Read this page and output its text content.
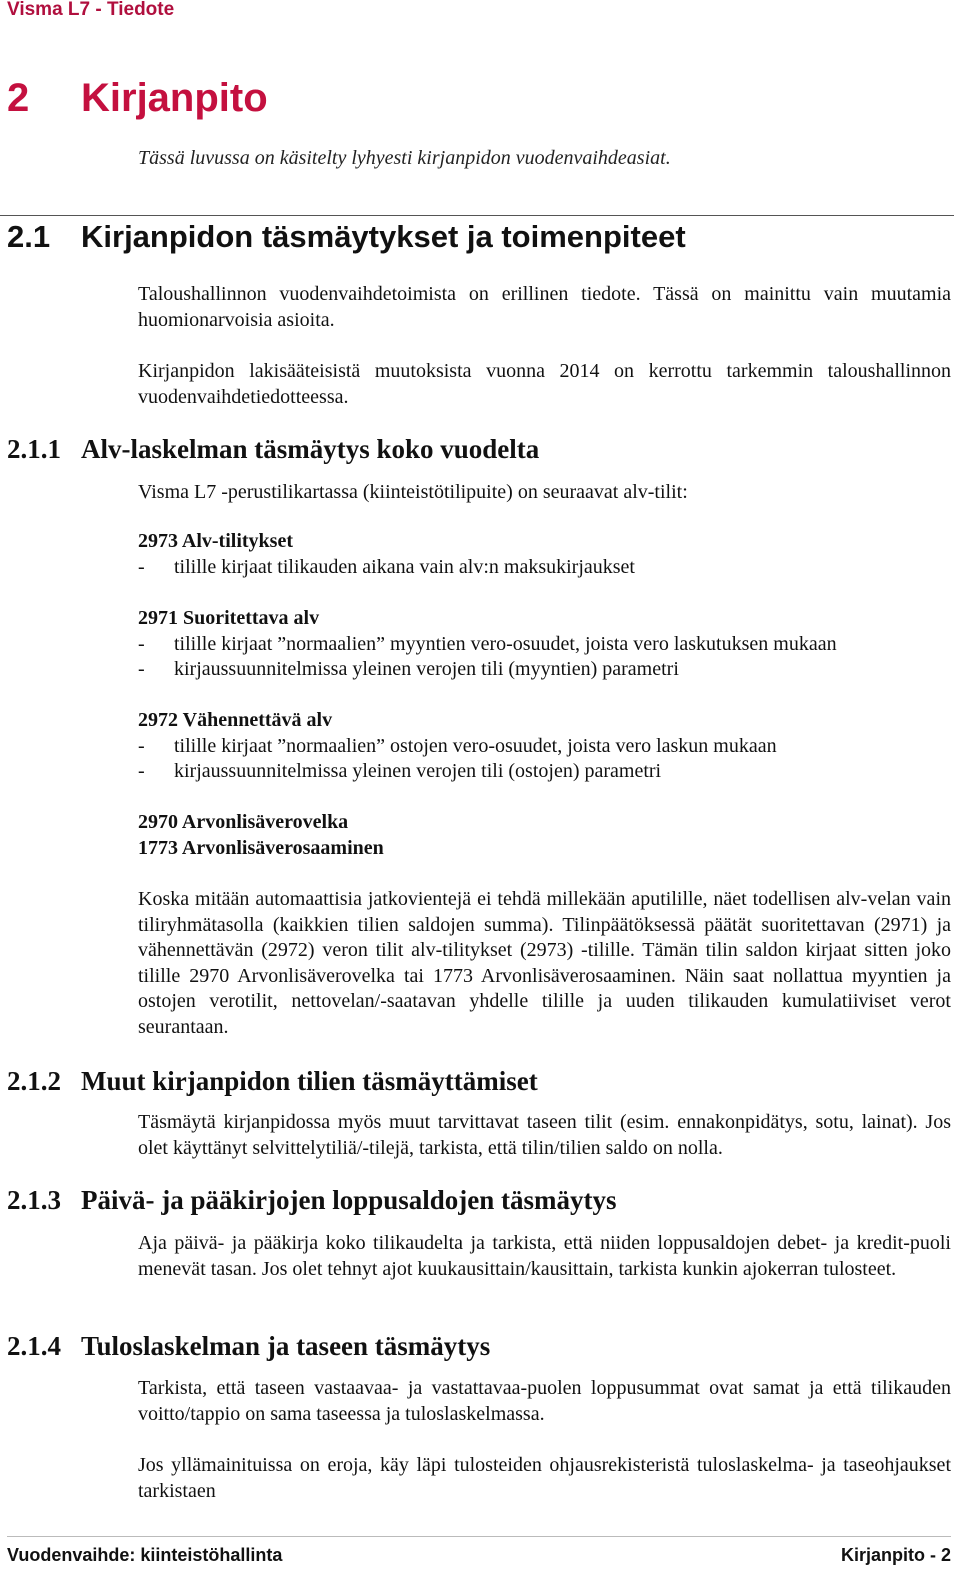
Visma L7 - Tiedote
2 Kirjanpito
Tässä luvussa on käsitelty lyhyesti kirjanpidon vuodenvaihdeasiat.
2.1 Kirjanpidon täsmäytykset ja toimenpiteet

Taloushallinnon vuodenvaihdetoimista on erillinen tiedote. Tässä on mainittu vain muutamia huomionarvoisia asioita.

Kirjanpidon lakisääteisistä muutoksista vuonna 2014 on kerrottu tarkemmin taloushallinnon vuodenvaihdetiedotteessa.

2.1.1 Alv-laskelman täsmäytys koko vuodelta

Visma L7 -perustilikartassa (kiinteistötilipuite) on seuraavat alv-tilit:

2973 Alv-tilitykset
- tilille kirjaat tilikauden aikana vain alv:n maksukirjaukset
2971 Suoritettava alv
- tilille kirjaat ”normaalien” myyntien vero-osuudet, joista vero laskutuksen mukaan
- kirjaussuunnitelmissa yleinen verojen tili (myyntien) parametri
2972 Vähennettävä alv
- tilille kirjaat ”normaalien” ostojen vero-osuudet, joista vero laskun mukaan
- kirjaussuunnitelmissa yleinen verojen tili (ostojen) parametri
2970 Arvonlisäverovelka
1773 Arvonlisäverosaaminen

Koska mitään automaattisia jatkovientejä ei tehdä millekään aputilille, näet todellisen alv-velan vain tiliryhmätasolla (kaikkien tilien saldojen summa). Tilinpäätöksessä päätät suoritettavan (2971) ja vähennettävän (2972) veron tilit alv-tilitykset (2973) -tilille. Tämän tilin saldon kirjaat sitten joko tilille 2970 Arvonlisäverovelka tai 1773 Arvonlisäverosaaminen. Näin saat nollattua myyntien ja ostojen verotilit, nettovelan/-saatavan yhdelle tilille ja uuden tilikauden kumulatiiviset verot seurantaan.

2.1.2 Muut kirjanpidon tilien täsmäyttämiset

Täsmäytä kirjanpidossa myös muut tarvittavat taseen tilit (esim. ennakonpidätys, sotu, lainat). Jos olet käyttänyt selvittelytiliä/-tilejä, tarkista, että tilin/tilien saldo on nolla.

2.1.3 Päivä- ja pääkirjojen loppusaldojen täsmäytys

Aja päivä- ja pääkirja koko tilikaudelta ja tarkista, että niiden loppusaldojen debet- ja kredit-puoli menevät tasan. Jos olet tehnyt ajot kuukausittain/kausittain, tarkista kunkin ajokerran tulosteet.

2.1.4 Tuloslaskelman ja taseen täsmäytys

Tarkista, että taseen vastaavaa- ja vastattavaa-puolen loppusummat ovat samat ja että tilikauden voitto/tappio on sama taseessa ja tuloslaskelmassa.

Jos yllämainituissa on eroja, käy läpi tulosteiden ohjausrekisteristä tuloslaskelma- ja taseohjaukset tarkistaen

Vuodenvaihde: kiinteistöhallinta	Kirjanpito - 2
